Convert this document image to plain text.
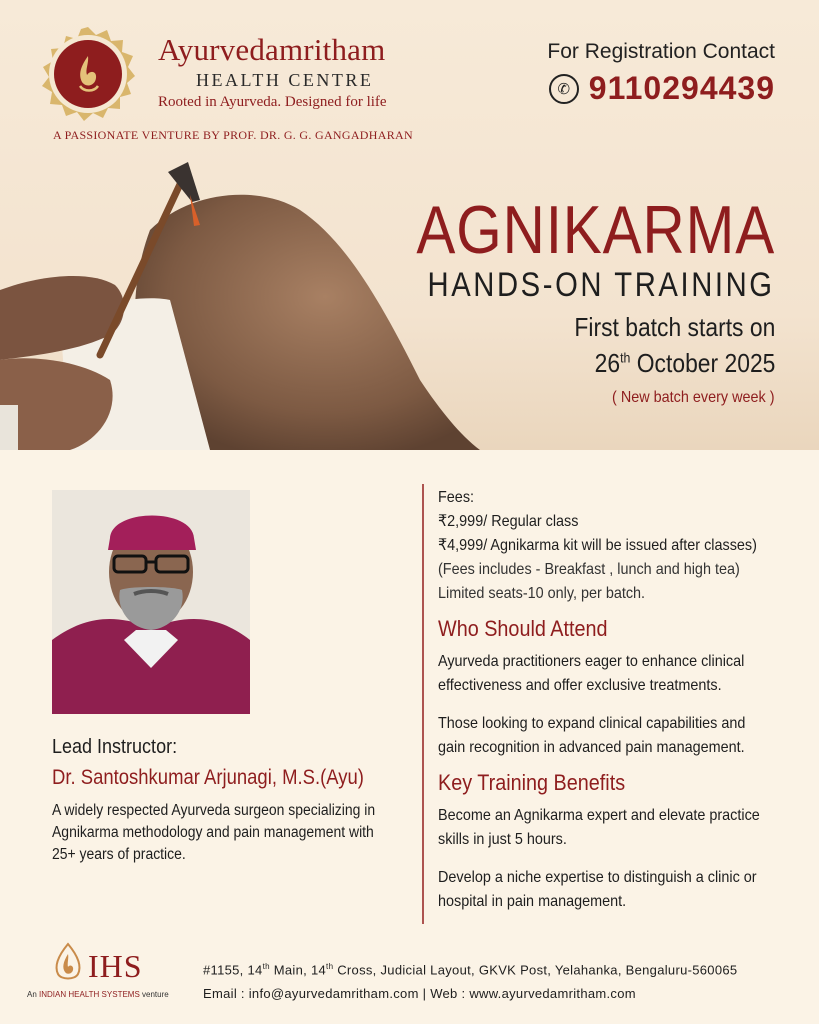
Ayurvedamritham
HEALTH CENTRE
Rooted in Ayurveda. Designed for life
A PASSIONATE VENTURE BY PROF. DR. G. G. GANGADHARAN
For Registration Contact
✆ 9110294439
AGNIKARMA
HANDS-ON TRAINING
First batch starts on
26th October 2025
( New batch every week )
Lead Instructor:
Dr. Santoshkumar Arjunagi, M.S.(Ayu)
A widely respected Ayurveda surgeon specializing in Agnikarma methodology and pain management with 25+ years of practice.

Fees:

₹2,999/ Regular class

₹4,999/ Agnikarma kit will be issued after classes)

(Fees includes - Breakfast , lunch and high tea)

Limited seats-10 only, per batch.

Who Should Attend

Ayurveda practitioners eager to enhance clinical effectiveness and offer exclusive treatments.

Those looking to expand clinical capabilities and gain recognition in advanced pain management.

Key Training Benefits

Become an Agnikarma expert and elevate practice skills in just 5 hours.

Develop a niche expertise to distinguish a clinic or hospital in pain management.

IHS
An INDIAN HEALTH SYSTEMS venture
#1155, 14th Main, 14th Cross, Judicial Layout, GKVK Post, Yelahanka, Bengaluru-560065
Email : info@ayurvedamritham.com | Web : www.ayurvedamritham.com
